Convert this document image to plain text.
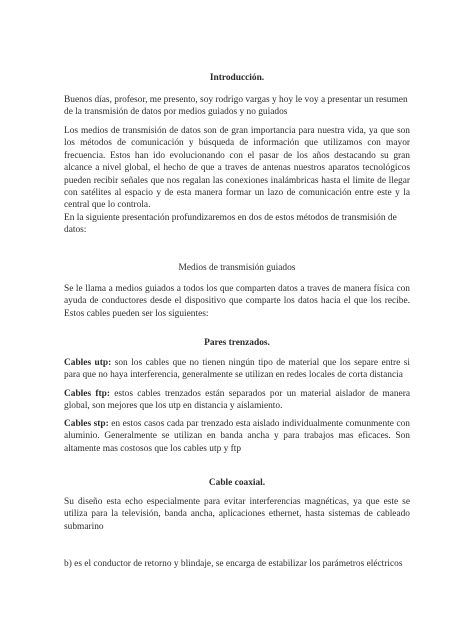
Introducción.

Buenos días, profesor, me presento, soy rodrigo vargas y hoy le voy a presentar un resumen de la transmisión de datos por medios guiados y no guiados

Los medios de transmisión de datos son de gran importancia para nuestra vida, ya que son los métodos de comunicación y búsqueda de información que utilizamos con mayor frecuencia. Estos han ido evolucionando con el pasar de los años destacando su gran alcance a nivel global, el hecho de que a traves de antenas nuestros aparatos tecnológicos pueden recibir señales que nos regalan las conexiones inalámbricas hasta el limite de llegar con satélites al espacio y de esta manera formar un lazo de comunicación entre este y la central que lo controla.

En la siguiente presentación profundizaremos en dos de estos métodos de transmisión de datos:

Medios de transmisión guiados

Se le llama a medios guiados a todos los que comparten datos a traves de manera física con ayuda de conductores desde el dispositivo que comparte los datos hacia el que los recibe. Estos cables pueden ser los siguientes:

Pares trenzados.

Cables utp: son los cables que no tienen ningún tipo de material que los separe entre si para que no haya interferencia, generalmente se utilizan en redes locales de corta distancia

Cables ftp: estos cables trenzados están separados por un material aislador de manera global, son mejores que los utp en distancia y aislamiento.

Cables stp: en estos casos cada par trenzado esta aislado individualmente comunmente con aluminio. Generalmente se utilizan en banda ancha y para trabajos mas eficaces. Son altamente mas costosos que los cables utp y ftp

Cable coaxial.

Su diseño esta echo especialmente para evitar interferencias magnéticas, ya que este se utiliza para la televisión, banda ancha, aplicaciones ethernet, hasta sistemas de cableado submarino

b) es el conductor de retorno y blindaje, se encarga de estabilizar los parámetros eléctricos
